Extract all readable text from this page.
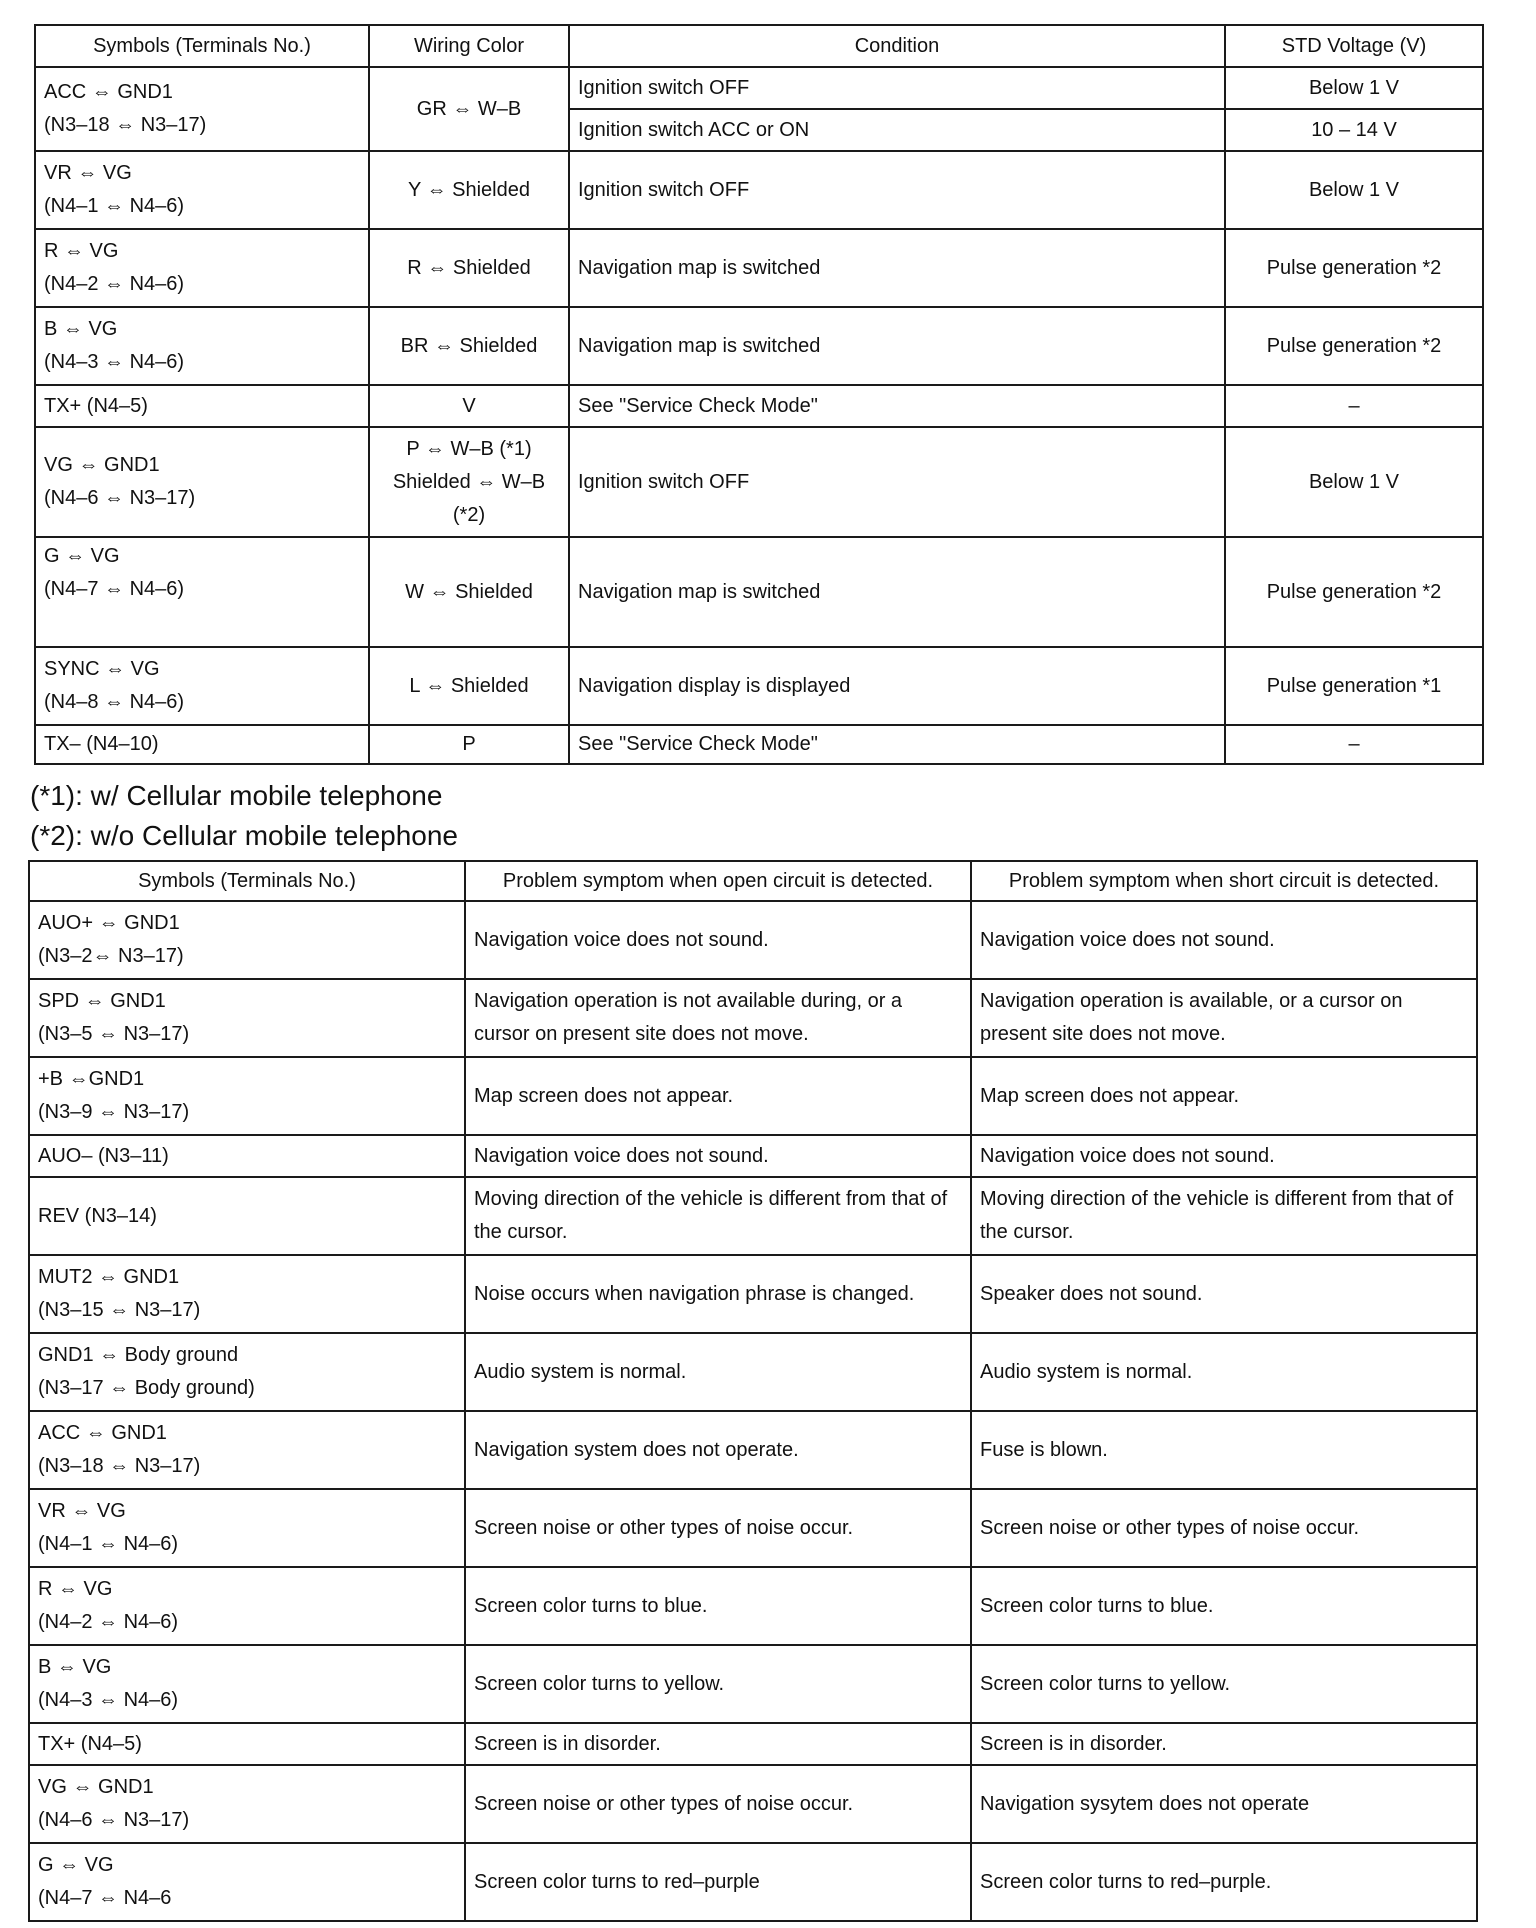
Symbols (Terminals No.)	Wiring Color	Condition	STD Voltage (V)

ACC ⇔ GND1
(N3–18 ⇔ N3–17)	GR ⇔ W–B	Ignition switch OFF	Below 1 V
		Ignition switch ACC or ON	10 – 14 V

VR ⇔ VG
(N4–1 ⇔ N4–6)	Y ⇔ Shielded	Ignition switch OFF	Below 1 V

R ⇔ VG
(N4–2 ⇔ N4–6)	R ⇔ Shielded	Navigation map is switched	Pulse generation *2

B ⇔ VG
(N4–3 ⇔ N4–6)	BR ⇔ Shielded	Navigation map is switched	Pulse generation *2
TX+ (N4–5)	V	See "Service Check Mode"	–

VG ⇔ GND1
(N4–6 ⇔ N3–17)	P ⇔ W–B (*1)
Shielded ⇔ W–B
(*2)	Ignition switch OFF	Below 1 V

G ⇔ VG
(N4–7 ⇔ N4–6)	W ⇔ Shielded	Navigation map is switched	Pulse generation *2

SYNC ⇔ VG
(N4–8 ⇔ N4–6)	L ⇔ Shielded	Navigation display is displayed	Pulse generation *1
TX– (N4–10)	P	See "Service Check Mode"	–
(*1): w/ Cellular mobile telephone
(*2): w/o Cellular mobile telephone
Symbols (Terminals No.)	Problem symptom when open circuit is detected.	Problem symptom when short circuit is detected.

AUO+ ⇔ GND1
(N3–2⇔ N3–17)	Navigation voice does not sound.	Navigation voice does not sound.

SPD ⇔ GND1
(N3–5 ⇔ N3–17)	Navigation operation is not available during, or a cursor on present site does not move.	Navigation operation is available, or a cursor on present site does not move.

+B ⇔GND1
(N3–9 ⇔ N3–17)	Map screen does not appear.	Map screen does not appear.
AUO– (N3–11)	Navigation voice does not sound.	Navigation voice does not sound.
REV (N3–14)	Moving direction of the vehicle is different from that of the cursor.	Moving direction of the vehicle is different from that of the cursor.

MUT2 ⇔ GND1
(N3–15 ⇔ N3–17)	Noise occurs when navigation phrase is changed.	Speaker does not sound.

GND1 ⇔ Body ground
(N3–17 ⇔ Body ground)	Audio system is normal.	Audio system is normal.

ACC ⇔ GND1
(N3–18 ⇔ N3–17)	Navigation system does not operate.	Fuse is blown.

VR ⇔ VG
(N4–1 ⇔ N4–6)	Screen noise or other types of noise occur.	Screen noise or other types of noise occur.

R ⇔ VG
(N4–2 ⇔ N4–6)	Screen color turns to blue.	Screen color turns to blue.

B ⇔ VG
(N4–3 ⇔ N4–6)	Screen color turns to yellow.	Screen color turns to yellow.
TX+ (N4–5)	Screen is in disorder.	Screen is in disorder.

VG ⇔ GND1
(N4–6 ⇔ N3–17)	Screen noise or other types of noise occur.	Navigation sysytem does not operate

G ⇔ VG
(N4–7 ⇔ N4–6	Screen color turns to red–purple	Screen color turns to red–purple.
